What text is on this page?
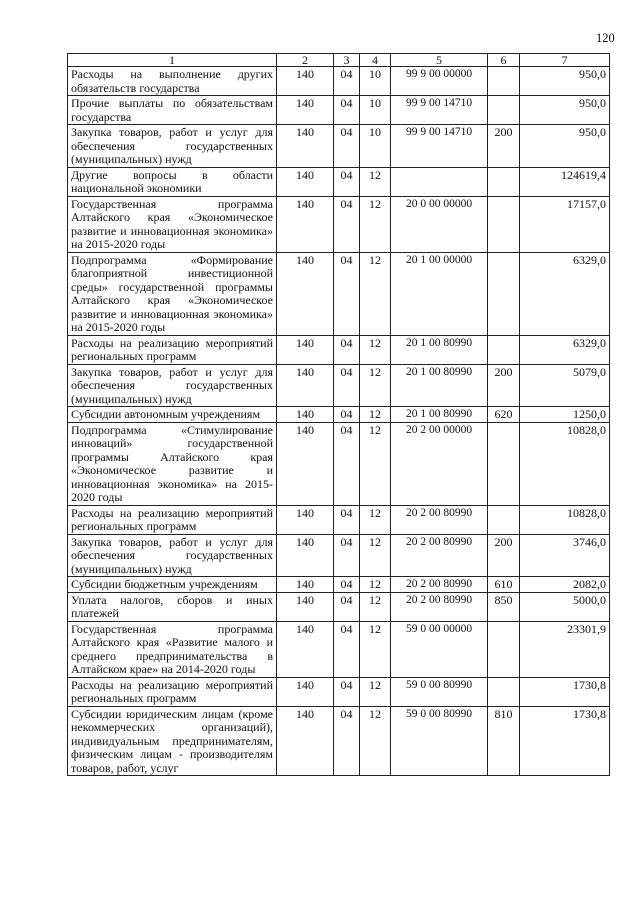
120
1	2	3	4	5	6	7
Расходы на выполнение других обязательств государства	140	04	10	99 9 00 00000		950,0
Прочие выплаты по обязательствам государства	140	04	10	99 9 00 14710		950,0
Закупка товаров, работ и услуг для обеспечения государственных (муниципальных) нужд	140	04	10	99 9 00 14710	200	950,0
Другие вопросы в области национальной экономики	140	04	12			124619,4
Государственная программа Алтайского края «Экономическое развитие и инновационная экономика» на 2015-2020 годы	140	04	12	20 0 00 00000		17157,0
Подпрограмма «Формирование благоприятной инвестиционной среды» государственной программы Алтайского края «Экономическое развитие и инновационная экономика» на 2015-2020 годы	140	04	12	20 1 00 00000		6329,0
Расходы на реализацию мероприятий региональных программ	140	04	12	20 1 00 80990		6329,0
Закупка товаров, работ и услуг для обеспечения государственных (муниципальных) нужд	140	04	12	20 1 00 80990	200	5079,0
Субсидии автономным учреждениям	140	04	12	20 1 00 80990	620	1250,0
Подпрограмма «Стимулирование инноваций» государственной программы Алтайского края «Экономическое развитие и инновационная экономика» на 2015-2020 годы	140	04	12	20 2 00 00000		10828,0
Расходы на реализацию мероприятий региональных программ	140	04	12	20 2 00 80990		10828,0
Закупка товаров, работ и услуг для обеспечения государственных (муниципальных) нужд	140	04	12	20 2 00 80990	200	3746,0
Субсидии бюджетным учреждениям	140	04	12	20 2 00 80990	610	2082,0
Уплата налогов, сборов и иных платежей	140	04	12	20 2 00 80990	850	5000,0
Государственная программа Алтайского края «Развитие малого и среднего предпринимательства в Алтайском крае» на 2014-2020 годы	140	04	12	59 0 00 00000		23301,9
Расходы на реализацию мероприятий региональных программ	140	04	12	59 0 00 80990		1730,8
Субсидии юридическим лицам (кроме некоммерческих организаций), индивидуальным предпринимателям, физическим лицам - производителям товаров, работ, услуг	140	04	12	59 0 00 80990	810	1730,8
